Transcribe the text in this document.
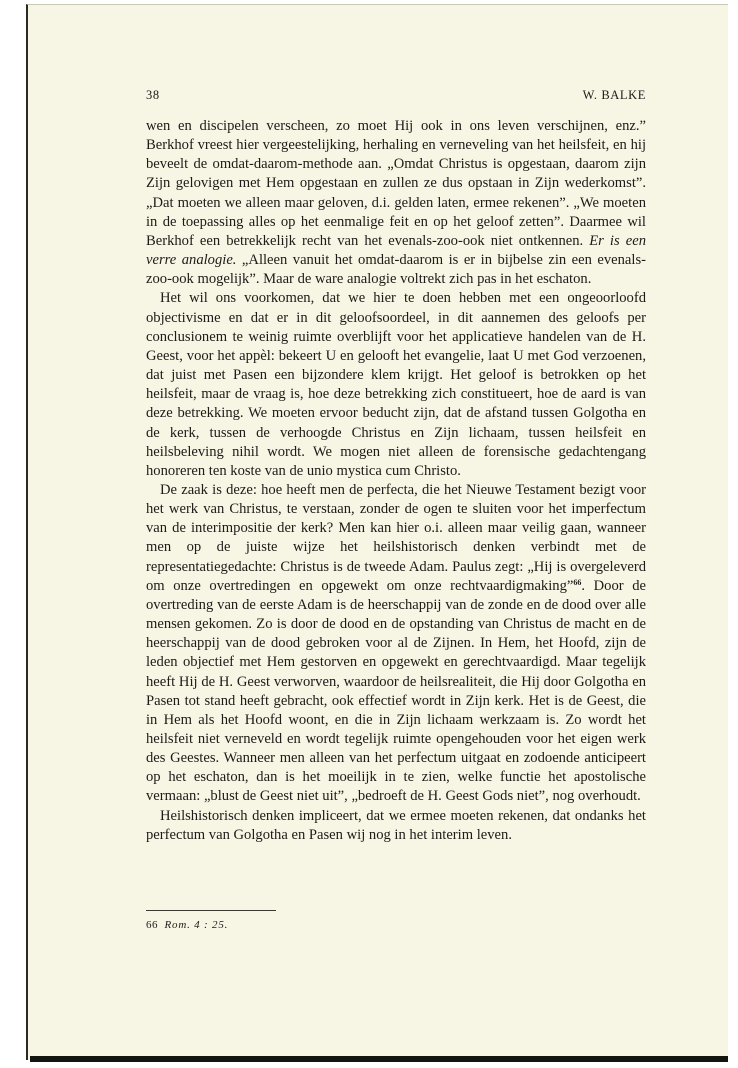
38	W. BALKE

wen en discipelen verscheen, zo moet Hij ook in ons leven verschijnen, enz.” Berkhof vreest hier vergeestelijking, herhaling en verneveling van het heilsfeit, en hij beveelt de omdat-daarom-methode aan. „Omdat Christus is opgestaan, daarom zijn Zijn gelovigen met Hem opgestaan en zullen ze dus opstaan in Zijn wederkomst”. „Dat moeten we alleen maar geloven, d.i. gelden laten, ermee rekenen”. „We moeten in de toepassing alles op het eenmalige feit en op het geloof zetten”. Daarmee wil Berkhof een betrekkelijk recht van het evenals-zoo-ook niet ontkennen. Er is een verre analogie. „Alleen vanuit het omdat-daarom is er in bijbelse zin een evenals-zoo-ook mogelijk”. Maar de ware analogie voltrekt zich pas in het eschaton.

Het wil ons voorkomen, dat we hier te doen hebben met een ongeoorloofd objectivisme en dat er in dit geloofsoordeel, in dit aannemen des geloofs per conclusionem te weinig ruimte overblijft voor het applicatieve handelen van de H. Geest, voor het appèl: bekeert U en gelooft het evangelie, laat U met God verzoenen, dat juist met Pasen een bijzondere klem krijgt. Het geloof is betrokken op het heilsfeit, maar de vraag is, hoe deze betrekking zich constitueert, hoe de aard is van deze betrekking. We moeten ervoor beducht zijn, dat de afstand tussen Golgotha en de kerk, tussen de verhoogde Christus en Zijn lichaam, tussen heilsfeit en heilsbeleving nihil wordt. We mogen niet alleen de forensische gedachtengang honoreren ten koste van de unio mystica cum Christo.

De zaak is deze: hoe heeft men de perfecta, die het Nieuwe Testament bezigt voor het werk van Christus, te verstaan, zonder de ogen te sluiten voor het imperfectum van de interimpositie der kerk? Men kan hier o.i. alleen maar veilig gaan, wanneer men op de juiste wijze het heilshistorisch denken verbindt met de representatiegedachte: Christus is de tweede Adam. Paulus zegt: „Hij is overgeleverd om onze overtredingen en opgewekt om onze rechtvaardigmaking”$^{66}$. Door de overtreding van de eerste Adam is de heerschappij van de zonde en de dood over alle mensen gekomen. Zo is door de dood en de opstanding van Christus de macht en de heerschappij van de dood gebroken voor al de Zijnen. In Hem, het Hoofd, zijn de leden objectief met Hem gestorven en opgewekt en gerechtvaardigd. Maar tegelijk heeft Hij de H. Geest verworven, waardoor de heilsrealiteit, die Hij door Golgotha en Pasen tot stand heeft gebracht, ook effectief wordt in Zijn kerk. Het is de Geest, die in Hem als het Hoofd woont, en die in Zijn lichaam werkzaam is. Zo wordt het heilsfeit niet verneveld en wordt tegelijk ruimte opengehouden voor het eigen werk des Geestes. Wanneer men alleen van het perfectum uitgaat en zodoende anticipeert op het eschaton, dan is het moeilijk in te zien, welke functie het apostolische vermaan: „blust de Geest niet uit”, „bedroeft de H. Geest Gods niet”, nog overhoudt.

Heilshistorisch denken impliceert, dat we ermee moeten rekenen, dat ondanks het perfectum van Golgotha en Pasen wij nog in het interim leven.

66 Rom. 4 : 25.
